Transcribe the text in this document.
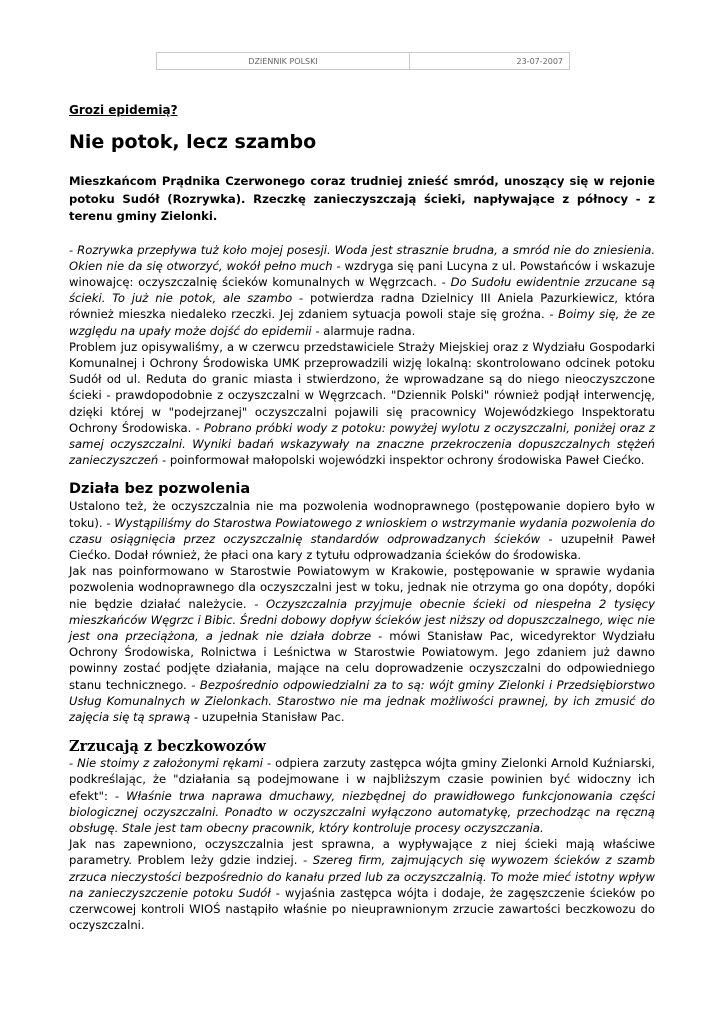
DZIENNIK POLSKI	23-07-2007

Grozi epidemią?

Nie potok, lecz szambo

Mieszkańcom Prądnika Czerwonego coraz trudniej znieść smród, unoszący się w rejonie potoku Sudół (Rozrywka). Rzeczkę zanieczyszczają ścieki, napływające z północy - z terenu gminy Zielonki.

- Rozrywka przepływa tuż koło mojej posesji. Woda jest strasznie brudna, a smród nie do zniesienia. Okien nie da się otworzyć, wokół pełno much - wzdryga się pani Lucyna z ul. Powstańców i wskazuje winowajcę: oczyszczalnię ścieków komunalnych w Węgrzcach. - Do Sudołu ewidentnie zrzucane są ścieki. To już nie potok, ale szambo - potwierdza radna Dzielnicy III Aniela Pazurkiewicz, która również mieszka niedaleko rzeczki. Jej zdaniem sytuacja powoli staje się groźna. - Boimy się, że ze względu na upały może dojść do epidemii - alarmuje radna.

Problem juz opisywaliśmy, a w czerwcu przedstawiciele Straży Miejskiej oraz z Wydziału Gospodarki Komunalnej i Ochrony Środowiska UMK przeprowadzili wizję lokalną: skontrolowano odcinek potoku Sudół od ul. Reduta do granic miasta i stwierdzono, że wprowadzane są do niego nieoczyszczone ścieki - prawdopodobnie z oczyszczalni w Węgrzcach. "Dziennik Polski" również podjął interwencję, dzięki której w "podejrzanej" oczyszczalni pojawili się pracownicy Wojewódzkiego Inspektoratu Ochrony Środowiska. - Pobrano próbki wody z potoku: powyżej wylotu z oczyszczalni, poniżej oraz z samej oczyszczalni. Wyniki badań wskazywały na znaczne przekroczenia dopuszczalnych stężeń zanieczyszczeń - poinformował małopolski wojewódzki inspektor ochrony środowiska Paweł Ciećko.

Działa bez pozwolenia

Ustalono też, że oczyszczalnia nie ma pozwolenia wodnoprawnego (postępowanie dopiero było w toku). - Wystąpiliśmy do Starostwa Powiatowego z wnioskiem o wstrzymanie wydania pozwolenia do czasu osiągnięcia przez oczyszczalnię standardów odprowadzanych ścieków - uzupełnił Paweł Ciećko. Dodał również, że płaci ona kary z tytułu odprowadzania ścieków do środowiska.

Jak nas poinformowano w Starostwie Powiatowym w Krakowie, postępowanie w sprawie wydania pozwolenia wodnoprawnego dla oczyszczalni jest w toku, jednak nie otrzyma go ona dopóty, dopóki nie będzie działać należycie. - Oczyszczalnia przyjmuje obecnie ścieki od niespełna 2 tysięcy mieszkańców Węgrzc i Bibic. Średni dobowy dopływ ścieków jest niższy od dopuszczalnego, więc nie jest ona przeciążona, a jednak nie działa dobrze - mówi Stanisław Pac, wicedyrektor Wydziału Ochrony Środowiska, Rolnictwa i Leśnictwa w Starostwie Powiatowym. Jego zdaniem już dawno powinny zostać podjęte działania, mające na celu doprowadzenie oczyszczalni do odpowiedniego stanu technicznego. - Bezpośrednio odpowiedzialni za to są: wójt gminy Zielonki i Przedsiębiorstwo Usług Komunalnych w Zielonkach. Starostwo nie ma jednak możliwości prawnej, by ich zmusić do zajęcia się tą sprawą - uzupełnia Stanisław Pac.

Zrzucają z beczkowozów

- Nie stoimy z założonymi rękami - odpiera zarzuty zastępca wójta gminy Zielonki Arnold Kuźniarski, podkreślając, że "działania są podejmowane i w najbliższym czasie powinien być widoczny ich efekt": - Właśnie trwa naprawa dmuchawy, niezbędnej do prawidłowego funkcjonowania części biologicznej oczyszczalni. Ponadto w oczyszczalni wyłączono automatykę, przechodząc na ręczną obsługę. Stale jest tam obecny pracownik, który kontroluje procesy oczyszczania.

Jak nas zapewniono, oczyszczalnia jest sprawna, a wypływające z niej ścieki mają właściwe parametry. Problem leży gdzie indziej. - Szereg firm, zajmujących się wywozem ścieków z szamb zrzuca nieczystości bezpośrednio do kanału przed lub za oczyszczalnią. To może mieć istotny wpływ na zanieczyszczenie potoku Sudół - wyjaśnia zastępca wójta i dodaje, że zagęszczenie ścieków po czerwcowej kontroli WIOŚ nastąpiło właśnie po nieuprawnionym zrzucie zawartości beczkowozu do oczyszczalni.
